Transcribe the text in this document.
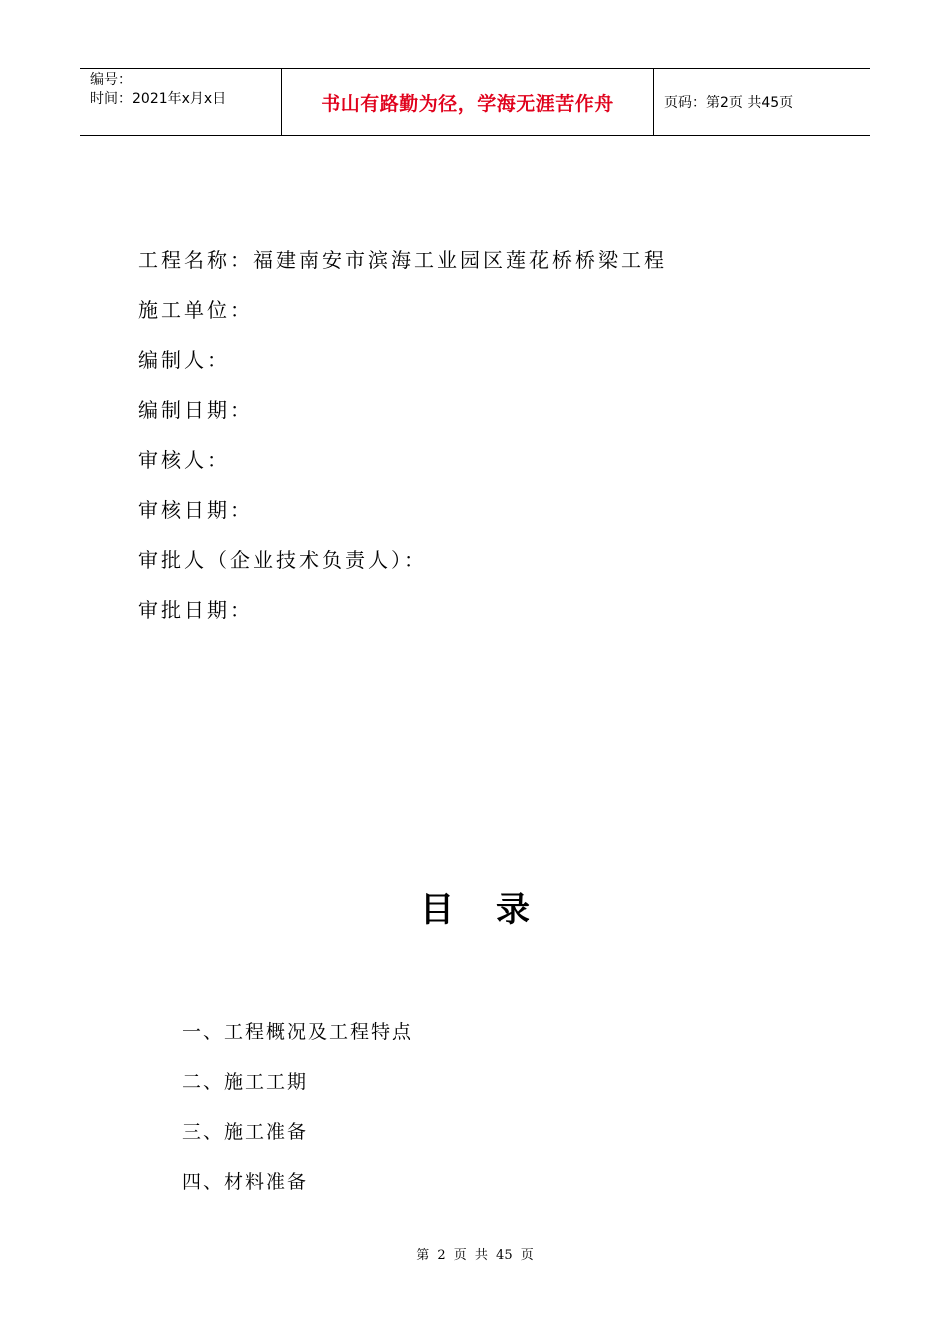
编号：
时间：2021年x月x日	书山有路勤为径，学海无涯苦作舟	页码：第2页 共45页
工程名称：福建南安市滨海工业园区莲花桥桥梁工程
施工单位：
编制人：
编制日期：
审核人：
审核日期：
审批人（企业技术负责人）：
审批日期：
目录
一、工程概况及工程特点
二、施工工期
三、施工准备
四、材料准备
第 2 页 共 45 页
